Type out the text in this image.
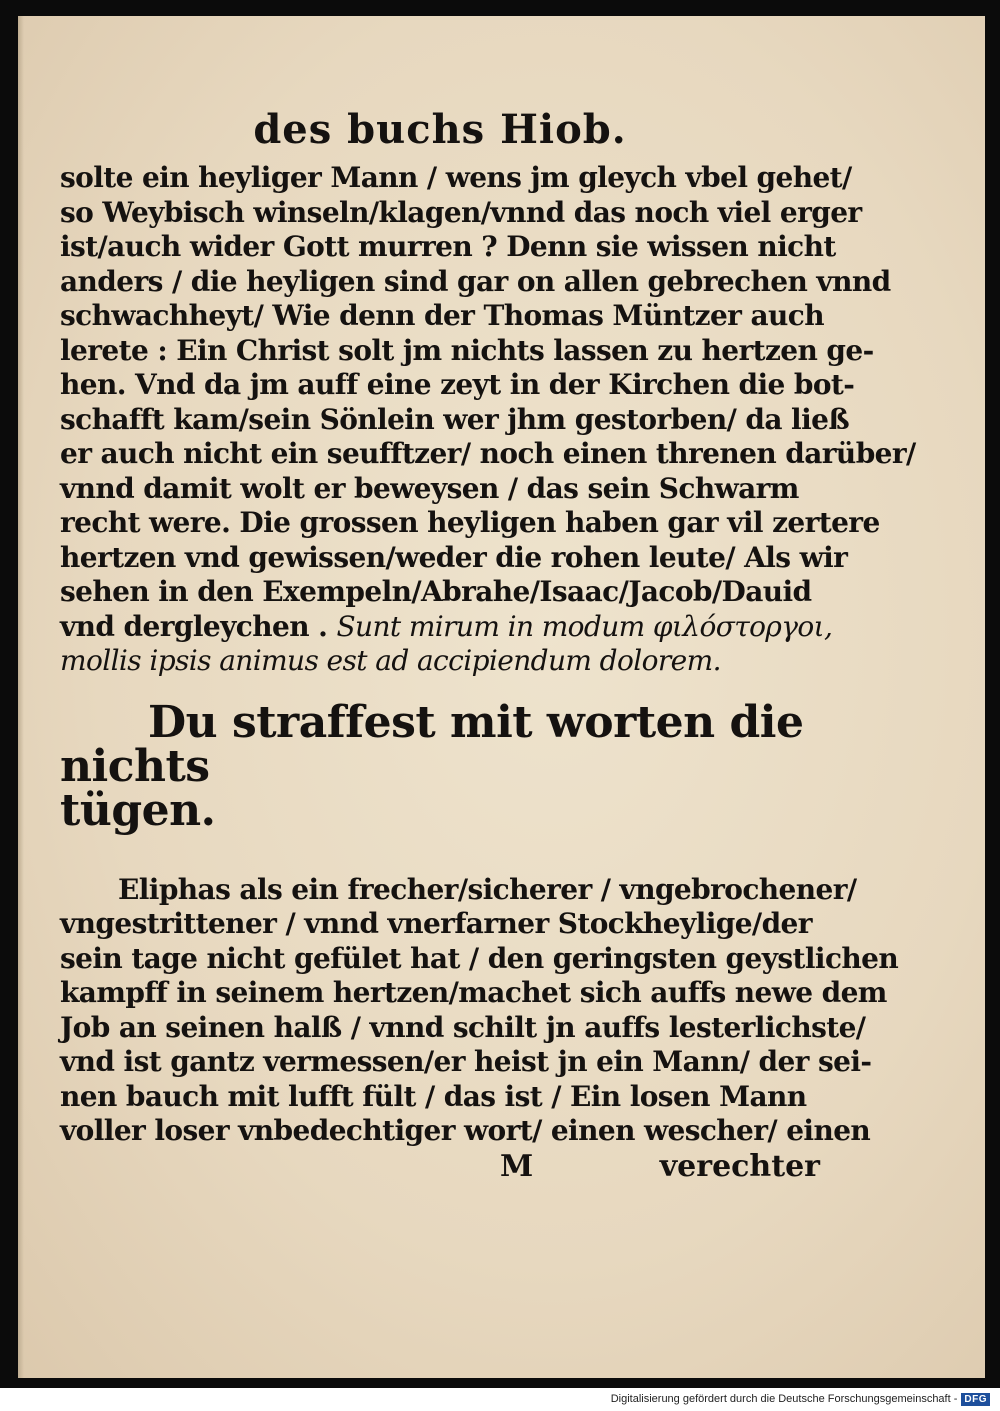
des buchs Hiob.
solte ein heyliger Mann / wens jm gleych vbel gehet/
so Weybisch winseln/klagen/vnnd das noch viel erger
ist/auch wider Gott murren ? Denn sie wissen nicht
anders / die heyligen sind gar on allen gebrechen vnnd
schwachheyt/ Wie denn der Thomas Müntzer auch
lerete : Ein Christ solt jm nichts lassen zu hertzen ge-
hen. Vnd da jm auff eine zeyt in der Kirchen die bot-
schafft kam/sein Sönlein wer jhm gestorben/ da ließ
er auch nicht ein seufftzer/ noch einen threnen darüber/
vnnd damit wolt er beweysen / das sein Schwarm
recht were. Die grossen heyligen haben gar vil zertere
hertzen vnd gewissen/weder die rohen leute/ Als wir
sehen in den Exempeln/Abrahe/Isaac/Jacob/Dauid
vnd dergleychen . Sunt mirum in modum φιλόστοργοι,
mollis ipsis animus est ad accipiendum dolorem.
Du straffest mit worten die nichts
tügen.
Eliphas als ein frecher/sicherer / vngebrochener/
vngestrittener / vnnd vnerfarner Stockheylige/der
sein tage nicht gefület hat / den geringsten geystlichen
kampff in seinem hertzen/machet sich auffs newe dem
Job an seinen halß / vnnd schilt jn auffs lesterlichste/
vnd ist gantz vermessen/er heist jn ein Mann/ der sei-
nen bauch mit lufft fült / das ist / Ein losen Mann
voller loser vnbedechtiger wort/ einen wescher/ einen
M	verechter
Digitalisierung gefördert durch die Deutsche Forschungsgemeinschaft - DFG
